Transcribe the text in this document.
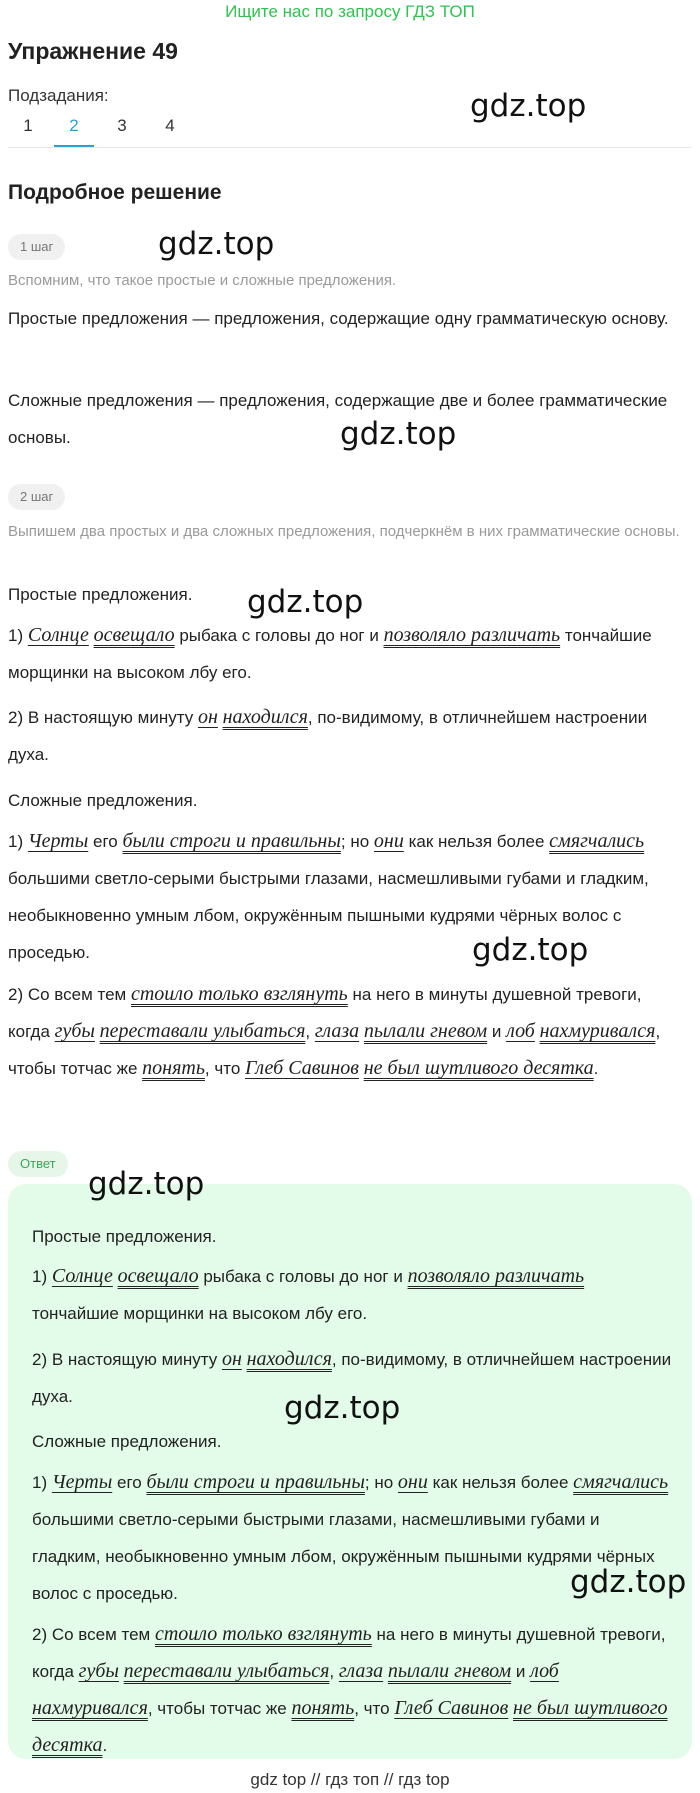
Ищите нас по запросу ГДЗ ТОП
Упражнение 49
Подзадания:
1	2	3	4
gdz.top
Подробное решение
1 шаг	gdz.top
Вспомним, что такое простые и сложные предложения.
Простые предложения — предложения, содержащие одну грамматическую основу.
Сложные предложения — предложения, содержащие две и более грамматические основы.	gdz.top
2 шаг
Выпишем два простых и два сложных предложения, подчеркнём в них грамматические основы.
Простые предложения.	gdz.top
1) Солнце освещало рыбака с головы до ног и позволяло различать тончайшие морщинки на высоком лбу его.
2) В настоящую минуту он находился, по-видимому, в отличнейшем настроении духа.
Сложные предложения.
1) Черты его были строги и правильны; но они как нельзя более смягчались большими светло-серыми быстрыми глазами, насмешливыми губами и гладким, необыкновенно умным лбом, окружённым пышными кудрями чёрных волос с проседью.	gdz.top
2) Со всем тем стоило только взглянуть на него в минуты душевной тревоги, когда губы переставали улыбаться, глаза пылали гневом и лоб нахмуривался, чтобы тотчас же понять, что Глеб Савинов не был шутливого десятка.
Ответ
gdz.top
Простые предложения.
1) Солнце освещало рыбака с головы до ног и позволяло различать тончайшие морщинки на высоком лбу его.
2) В настоящую минуту он находился, по-видимому, в отличнейшем настроении духа.	gdz.top
Сложные предложения.
1) Черты его были строги и правильны; но они как нельзя более смягчались большими светло-серыми быстрыми глазами, насмешливыми губами и гладким, необыкновенно умным лбом, окружённым пышными кудрями чёрных волос с проседью.	gdz.top
2) Со всем тем стоило только взглянуть на него в минуты душевной тревоги, когда губы переставали улыбаться, глаза пылали гневом и лоб нахмуривался, чтобы тотчас же понять, что Глеб Савинов не был шутливого десятка.
gdz top // гдз топ // гдз top
